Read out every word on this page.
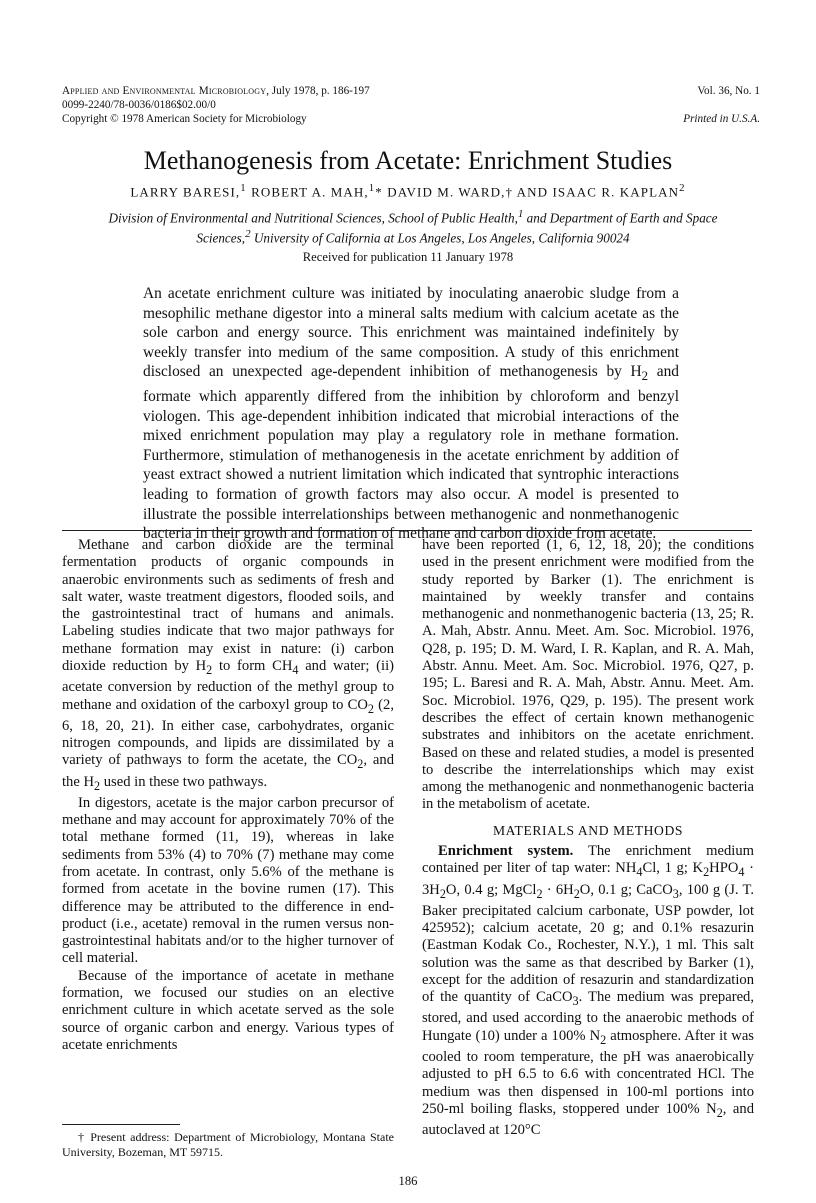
Applied and Environmental Microbiology, July 1978, p. 186-197
0099-2240/78-0036/0186$02.00/0
Copyright © 1978 American Society for Microbiology
Vol. 36, No. 1
Printed in U.S.A.
Methanogenesis from Acetate: Enrichment Studies
LARRY BARESI,$^1$ ROBERT A. MAH,$^1$* DAVID M. WARD,† AND ISAAC R. KAPLAN$^2$
Division of Environmental and Nutritional Sciences, School of Public Health,$^1$ and Department of Earth and Space Sciences,$^2$ University of California at Los Angeles, Los Angeles, California 90024
Received for publication 11 January 1978

An acetate enrichment culture was initiated by inoculating anaerobic sludge from a mesophilic methane digestor into a mineral salts medium with calcium acetate as the sole carbon and energy source. This enrichment was maintained indefinitely by weekly transfer into medium of the same composition. A study of this enrichment disclosed an unexpected age-dependent inhibition of methanogenesis by $H_2$ and formate which apparently differed from the inhibition by chloroform and benzyl viologen. This age-dependent inhibition indicated that microbial interactions of the mixed enrichment population may play a regulatory role in methane formation. Furthermore, stimulation of methanogenesis in the acetate enrichment by addition of yeast extract showed a nutrient limitation which indicated that syntrophic interactions leading to formation of growth factors may also occur. A model is presented to illustrate the possible interrelationships between methanogenic and nonmethanogenic bacteria in their growth and formation of methane and carbon dioxide from acetate.

Methane and carbon dioxide are the terminal fermentation products of organic compounds in anaerobic environments such as sediments of fresh and salt water, waste treatment digestors, flooded soils, and the gastrointestinal tract of humans and animals. Labeling studies indicate that two major pathways for methane formation may exist in nature: (i) carbon dioxide reduction by $H_2$ to form $CH_4$ and water; (ii) acetate conversion by reduction of the methyl group to methane and oxidation of the carboxyl group to $CO_2$ (2, 6, 18, 20, 21). In either case, carbohydrates, organic nitrogen compounds, and lipids are dissimilated by a variety of pathways to form the acetate, the $CO_2$, and the $H_2$ used in these two pathways.

In digestors, acetate is the major carbon precursor of methane and may account for approximately 70% of the total methane formed (11, 19), whereas in lake sediments from 53% (4) to 70% (7) methane may come from acetate. In contrast, only 5.6% of the methane is formed from acetate in the bovine rumen (17). This difference may be attributed to the difference in end-product (i.e., acetate) removal in the rumen versus non-gastrointestinal habitats and/or to the higher turnover of cell material.

Because of the importance of acetate in methane formation, we focused our studies on an elective enrichment culture in which acetate served as the sole source of organic carbon and energy. Various types of acetate enrichments

have been reported (1, 6, 12, 18, 20); the conditions used in the present enrichment were modified from the study reported by Barker (1). The enrichment is maintained by weekly transfer and contains methanogenic and nonmethanogenic bacteria (13, 25; R. A. Mah, Abstr. Annu. Meet. Am. Soc. Microbiol. 1976, Q28, p. 195; D. M. Ward, I. R. Kaplan, and R. A. Mah, Abstr. Annu. Meet. Am. Soc. Microbiol. 1976, Q27, p. 195; L. Baresi and R. A. Mah, Abstr. Annu. Meet. Am. Soc. Microbiol. 1976, Q29, p. 195). The present work describes the effect of certain known methanogenic substrates and inhibitors on the acetate enrichment. Based on these and related studies, a model is presented to describe the interrelationships which may exist among the methanogenic and nonmethanogenic bacteria in the metabolism of acetate.

MATERIALS AND METHODS

Enrichment system. The enrichment medium contained per liter of tap water: $NH_4Cl$, 1 g; $K_2HPO_4 \cdot 3H_2O$, 0.4 g; MgCl$_2$ · $6H_2O$, 0.1 g; CaCO$_3$, 100 g (J. T. Baker precipitated calcium carbonate, USP powder, lot 425952); calcium acetate, 20 g; and 0.1% resazurin (Eastman Kodak Co., Rochester, N.Y.), 1 ml. This salt solution was the same as that described by Barker (1), except for the addition of resazurin and standardization of the quantity of CaCO$_3$. The medium was prepared, stored, and used according to the anaerobic methods of Hungate (10) under a 100% $N_2$ atmosphere. After it was cooled to room temperature, the pH was anaerobically adjusted to pH 6.5 to 6.6 with concentrated HCl. The medium was then dispensed in 100-ml portions into 250-ml boiling flasks, stoppered under 100% $N_2$, and autoclaved at 120°C

† Present address: Department of Microbiology, Montana State University, Bozeman, MT 59715.
186
